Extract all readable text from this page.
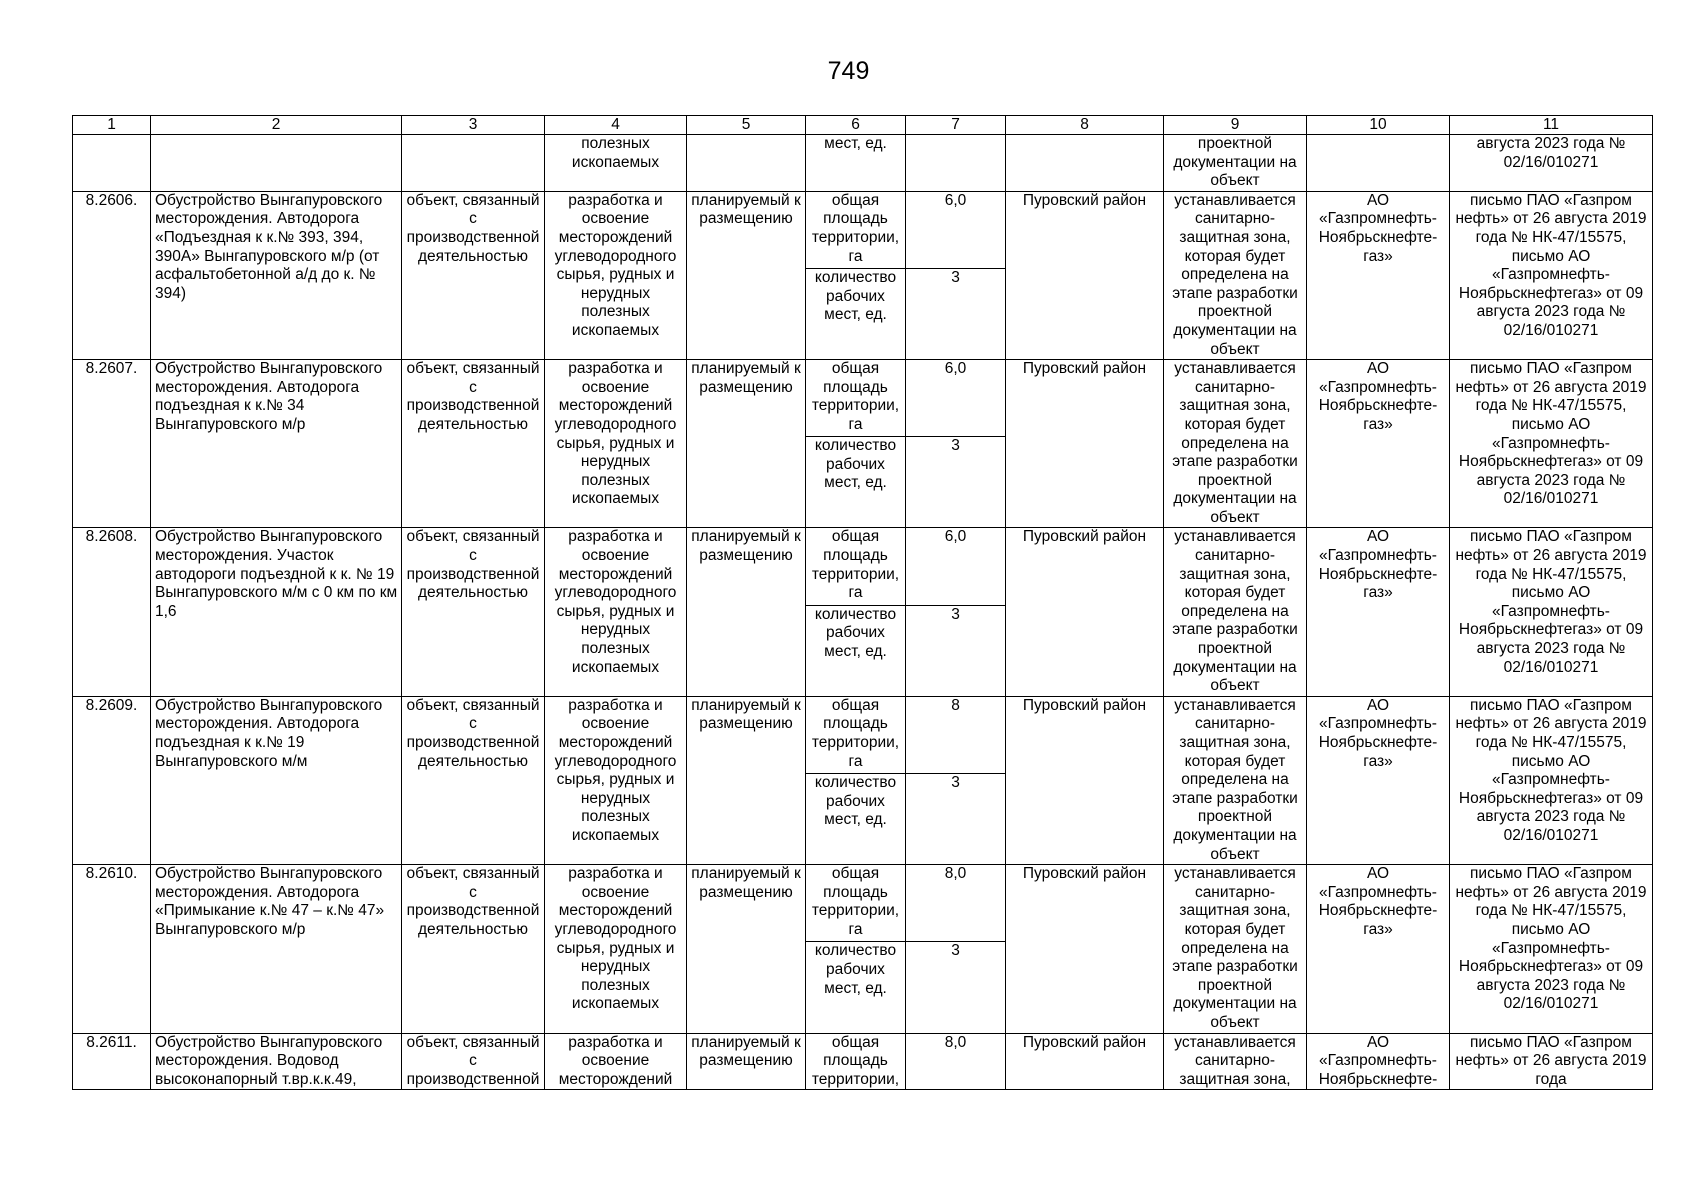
749
1	2	3	4	5	6	7	8	9	10	11
			полезных ископаемых		мест, ед.			проектной документации на объект		августа 2023 года № 02/16/010271
8.2606.	Обустройство Вынгапуровского месторождения. Автодорога «Подъездная к к.№ 393, 394, 390А» Вынгапуровского м/р (от асфальтобетонной а/д до к. № 394)	объект, связанный с производственной деятельностью	разработка и освоение месторождений углеводородного сырья, рудных и нерудных полезных ископаемых	планируемый к размещению	общая площадь территории, га	6,0	Пуровский район	устанавливается санитарно-защитная зона, которая будет определена на этапе разработки проектной документации на объект	АО «Газпромнефть-Ноябрьскнефте-газ»	письмо ПАО «Газпром нефть» от 26 августа 2019 года № НК-47/15575, письмо АО «Газпромнефть-Ноябрьскнефтегаз» от 09 августа 2023 года № 02/16/010271
					количество рабочих мест, ед.	3				
8.2607.	Обустройство Вынгапуровского месторождения. Автодорога подъездная к к.№ 34 Вынгапуровского м/р	объект, связанный с производственной деятельностью	разработка и освоение месторождений углеводородного сырья, рудных и нерудных полезных ископаемых	планируемый к размещению	общая площадь территории, га	6,0	Пуровский район	устанавливается санитарно-защитная зона, которая будет определена на этапе разработки проектной документации на объект	АО «Газпромнефть-Ноябрьскнефте-газ»	письмо ПАО «Газпром нефть» от 26 августа 2019 года № НК-47/15575, письмо АО «Газпромнефть-Ноябрьскнефтегаз» от 09 августа 2023 года № 02/16/010271
					количество рабочих мест, ед.	3				
8.2608.	Обустройство Вынгапуровского месторождения. Участок автодороги подъездной к к. № 19 Вынгапуровского м/м с 0 км по км 1,6	объект, связанный с производственной деятельностью	разработка и освоение месторождений углеводородного сырья, рудных и нерудных полезных ископаемых	планируемый к размещению	общая площадь территории, га	6,0	Пуровский район	устанавливается санитарно-защитная зона, которая будет определена на этапе разработки проектной документации на объект	АО «Газпромнефть-Ноябрьскнефте-газ»	письмо ПАО «Газпром нефть» от 26 августа 2019 года № НК-47/15575, письмо АО «Газпромнефть-Ноябрьскнефтегаз» от 09 августа 2023 года № 02/16/010271
					количество рабочих мест, ед.	3				
8.2609.	Обустройство Вынгапуровского месторождения. Автодорога подъездная к к.№ 19 Вынгапуровского м/м	объект, связанный с производственной деятельностью	разработка и освоение месторождений углеводородного сырья, рудных и нерудных полезных ископаемых	планируемый к размещению	общая площадь территории, га	8	Пуровский район	устанавливается санитарно-защитная зона, которая будет определена на этапе разработки проектной документации на объект	АО «Газпромнефть-Ноябрьскнефте-газ»	письмо ПАО «Газпром нефть» от 26 августа 2019 года № НК-47/15575, письмо АО «Газпромнефть-Ноябрьскнефтегаз» от 09 августа 2023 года № 02/16/010271
					количество рабочих мест, ед.	3				
8.2610.	Обустройство Вынгапуровского месторождения. Автодорога «Примыкание к.№ 47 – к.№ 47» Вынгапуровского м/р	объект, связанный с производственной деятельностью	разработка и освоение месторождений углеводородного сырья, рудных и нерудных полезных ископаемых	планируемый к размещению	общая площадь территории, га	8,0	Пуровский район	устанавливается санитарно-защитная зона, которая будет определена на этапе разработки проектной документации на объект	АО «Газпромнефть-Ноябрьскнефте-газ»	письмо ПАО «Газпром нефть» от 26 августа 2019 года № НК-47/15575, письмо АО «Газпромнефть-Ноябрьскнефтегаз» от 09 августа 2023 года № 02/16/010271
					количество рабочих мест, ед.	3				
8.2611.	Обустройство Вынгапуровского месторождения. Водовод высоконапорный т.вр.к.к.49,	объект, связанный с производственной	разработка и освоение месторождений	планируемый к размещению	общая площадь территории,	8,0	Пуровский район	устанавливается санитарно-защитная зона,	АО «Газпромнефть-Ноябрьскнефте-	письмо ПАО «Газпром нефть» от 26 августа 2019 года
